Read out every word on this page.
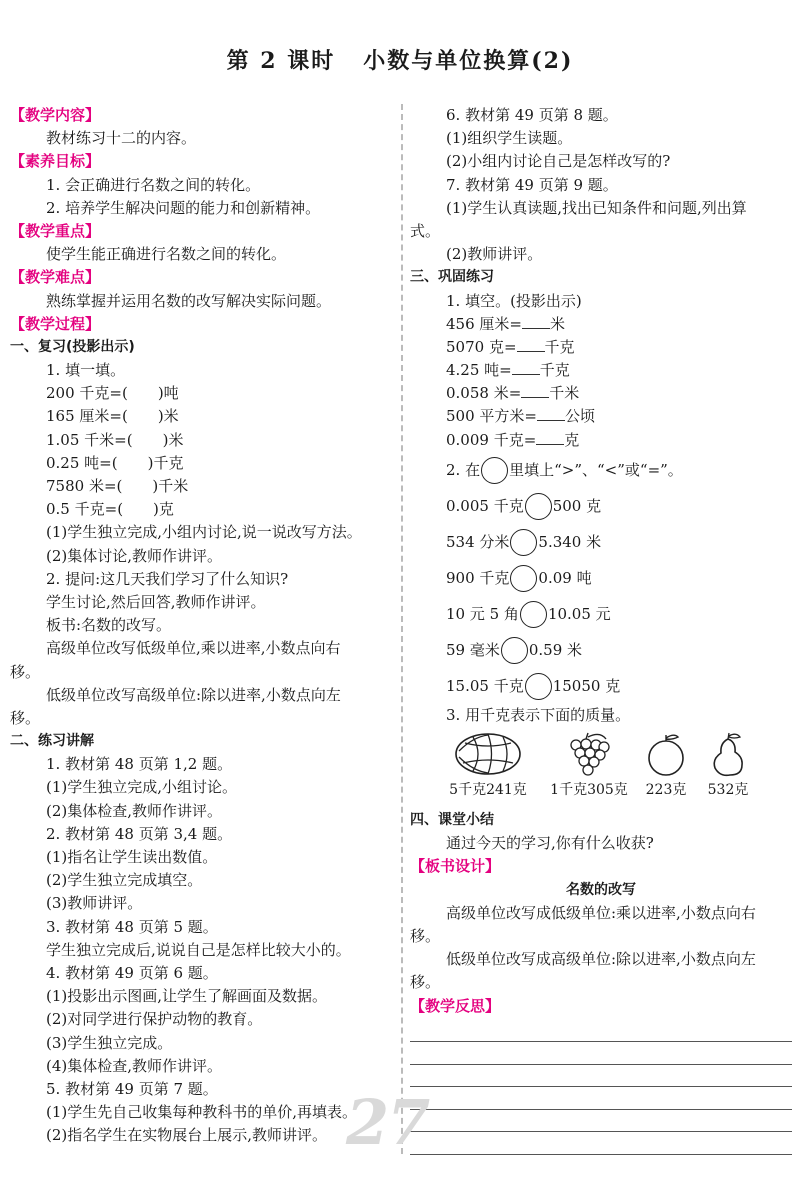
第 2 课时 小数与单位换算(2)
【教学内容】
教材练习十二的内容。
【素养目标】
1. 会正确进行名数之间的转化。
2. 培养学生解决问题的能力和创新精神。
【教学重点】
使学生能正确进行名数之间的转化。
【教学难点】
熟练掌握并运用名数的改写解决实际问题。
【教学过程】
一、复习(投影出示)
1. 填一填。
200 千克=(　　)吨
165 厘米=(　　)米
1.05 千米=(　　)米
0.25 吨=(　　)千克
7580 米=(　　)千米
0.5 千克=(　　)克
(1)学生独立完成,小组内讨论,说一说改写方法。
(2)集体讨论,教师作讲评。
2. 提问:这几天我们学习了什么知识?
学生讨论,然后回答,教师作讲评。
板书:名数的改写。
高级单位改写低级单位,乘以进率,小数点向右
移。
低级单位改写高级单位:除以进率,小数点向左
移。
二、练习讲解
1. 教材第 48 页第 1,2 题。
(1)学生独立完成,小组讨论。
(2)集体检查,教师作讲评。
2. 教材第 48 页第 3,4 题。
(1)指名让学生读出数值。
(2)学生独立完成填空。
(3)教师讲评。
3. 教材第 48 页第 5 题。
学生独立完成后,说说自己是怎样比较大小的。
4. 教材第 49 页第 6 题。
(1)投影出示图画,让学生了解画面及数据。
(2)对同学进行保护动物的教育。
(3)学生独立完成。
(4)集体检查,教师作讲评。
5. 教材第 49 页第 7 题。
(1)学生先自己收集每种教科书的单价,再填表。
(2)指名学生在实物展台上展示,教师讲评。
6. 教材第 49 页第 8 题。
(1)组织学生读题。
(2)小组内讨论自己是怎样改写的?
7. 教材第 49 页第 9 题。
(1)学生认真读题,找出已知条件和问题,列出算
式。
(2)教师讲评。
三、巩固练习
1. 填空。(投影出示)
456 厘米= 米
5070 克= 千克
4.25 吨= 千克
0.058 米= 千米
500 平方米= 公顷
0.009 千克= 克
2. 在 里填上“>”、“<”或“=”。
0.005 千克 500 克
534 分米 5.340 米
900 千克 0.09 吨
10 元 5 角 10.05 元
59 毫米 0.59 米
15.05 千克 15050 克
3. 用千克表示下面的质量。
5千克241克 1千克305克	223克	532克
四、课堂小结
通过今天的学习,你有什么收获?
【板书设计】
名数的改写
高级单位改写成低级单位:乘以进率,小数点向右
移。
低级单位改写成高级单位:除以进率,小数点向左
移。
【教学反思】
27
